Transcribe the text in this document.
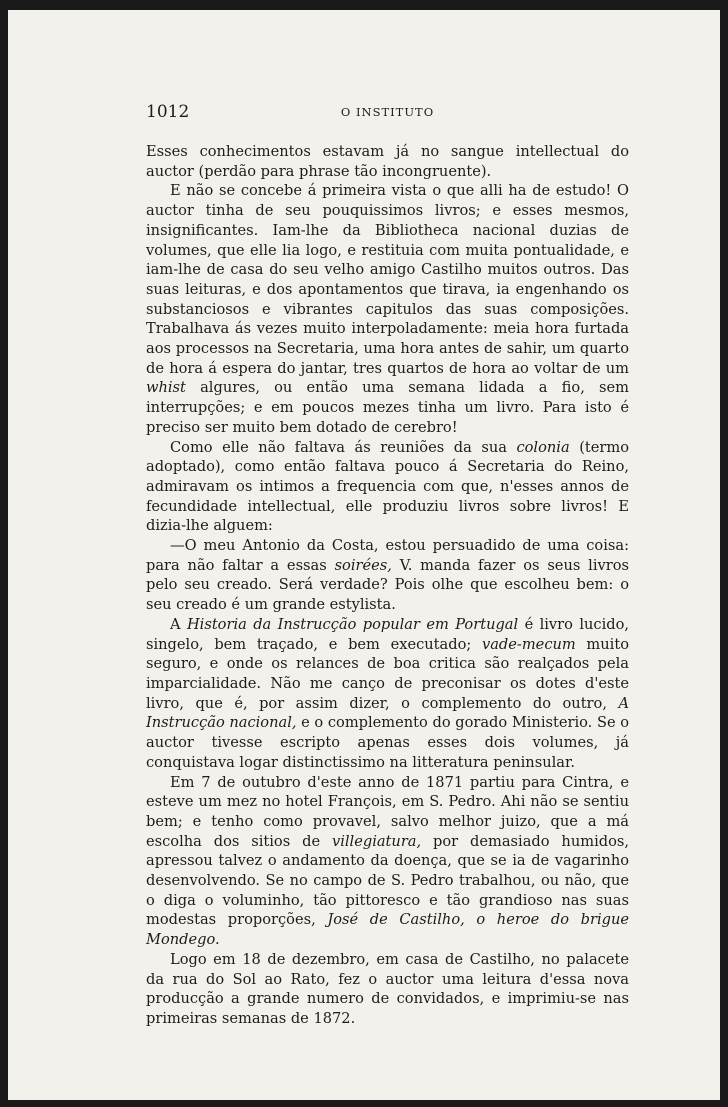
1012	O INSTITUTO

Esses conhecimentos estavam já no sangue intellectual do auctor (perdão para phrase tão incongruente).

E não se concebe á primeira vista o que alli ha de estudo! O auctor tinha de seu pouquissimos livros; e esses mesmos, insignificantes. Iam-lhe da Bibliotheca nacional duzias de volumes, que elle lia logo, e restituia com muita pontualidade, e iam-lhe de casa do seu velho amigo Castilho muitos outros. Das suas leituras, e dos apontamentos que tirava, ia engenhando os substanciosos e vibrantes capitulos das suas composições. Trabalhava ás vezes muito interpoladamente: meia hora furtada aos processos na Secretaria, uma hora antes de sahir, um quarto de hora á espera do jantar, tres quartos de hora ao voltar de um whist algures, ou então uma semana lidada a fio, sem interrupções; e em poucos mezes tinha um livro. Para isto é preciso ser muito bem dotado de cerebro!

Como elle não faltava ás reuniões da sua colonia (termo adoptado), como então faltava pouco á Secretaria do Reino, admiravam os intimos a frequencia com que, n'esses annos de fecundidade intellectual, elle produziu livros sobre livros! E dizia-lhe alguem:

—O meu Antonio da Costa, estou persuadido de uma coisa: para não faltar a essas soirées, V. manda fazer os seus livros pelo seu creado. Será verdade? Pois olhe que escolheu bem: o seu creado é um grande estylista.

A Historia da Instrucção popular em Portugal é livro lucido, singelo, bem traçado, e bem executado; vade-mecum muito seguro, e onde os relances de boa critica são realçados pela imparcialidade. Não me canço de preconisar os dotes d'este livro, que é, por assim dizer, o complemento do outro, A Instrucção nacional, e o complemento do gorado Ministerio. Se o auctor tivesse escripto apenas esses dois volumes, já conquistava logar distinctissimo na litteratura peninsular.

Em 7 de outubro d'este anno de 1871 partiu para Cintra, e esteve um mez no hotel François, em S. Pedro. Ahi não se sentiu bem; e tenho como provavel, salvo melhor juizo, que a má escolha dos sitios de villegiatura, por demasiado humidos, apressou talvez o andamento da doença, que se ia de vagarinho desenvolvendo. Se no campo de S. Pedro trabalhou, ou não, que o diga o voluminho, tão pittoresco e tão grandioso nas suas modestas proporções, José de Castilho, o heroe do brigue Mondego.

Logo em 18 de dezembro, em casa de Castilho, no palacete da rua do Sol ao Rato, fez o auctor uma leitura d'essa nova producção a grande numero de convidados, e imprimiu-se nas primeiras semanas de 1872.
